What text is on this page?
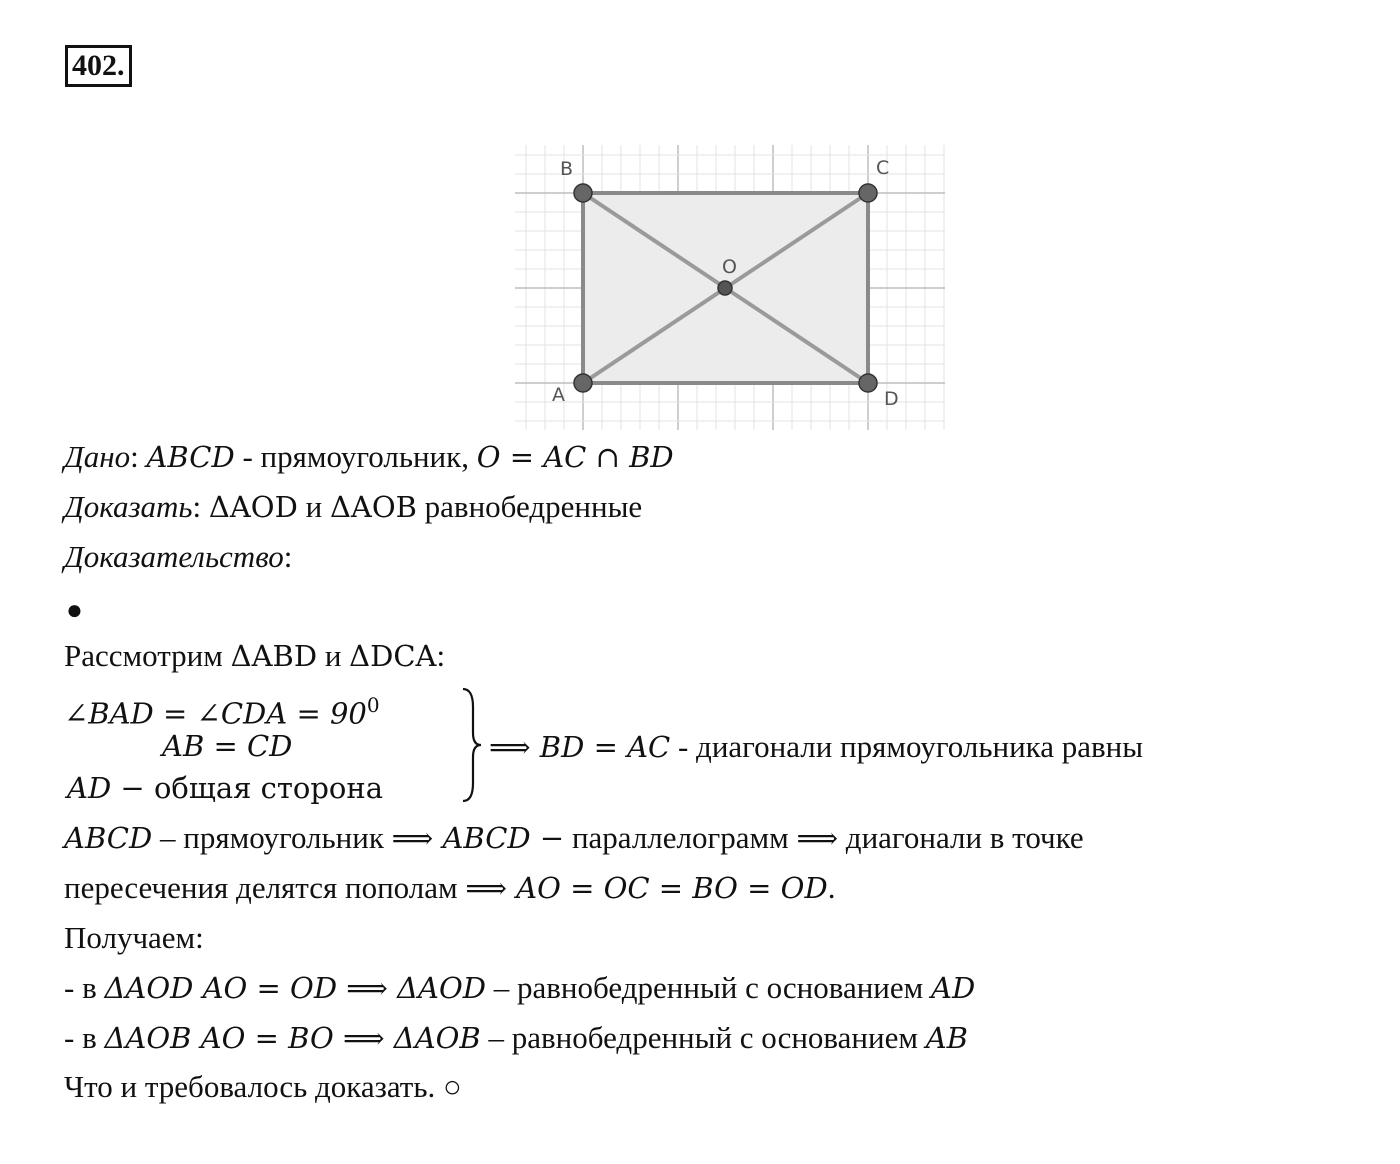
402.
B	C
O
A	D
Дано: ABCD - прямоугольник, O = AC ∩ BD
Доказать: ΔAOD и ΔAOB равнобедренные
Доказательство:
●
Рассмотрим ΔABD и ΔDCA:
∠BAD = ∠CDA = $90^0$
AB = CD
AD − общая сторона
⟹ BD = AC - диагонали прямоугольника равны
ABCD – прямоугольник ⟹ ABCD − параллелограмм ⟹ диагонали в точке
пересечения делятся пополам ⟹ AO = OC = BO = OD.
Получаем:
- в ΔAOD AO = OD ⟹ ΔAOD – равнобедренный с основанием AD
- в ΔAOB AO = BO ⟹ ΔAOB – равнобедренный с основанием AB
Что и требовалось доказать. ○
